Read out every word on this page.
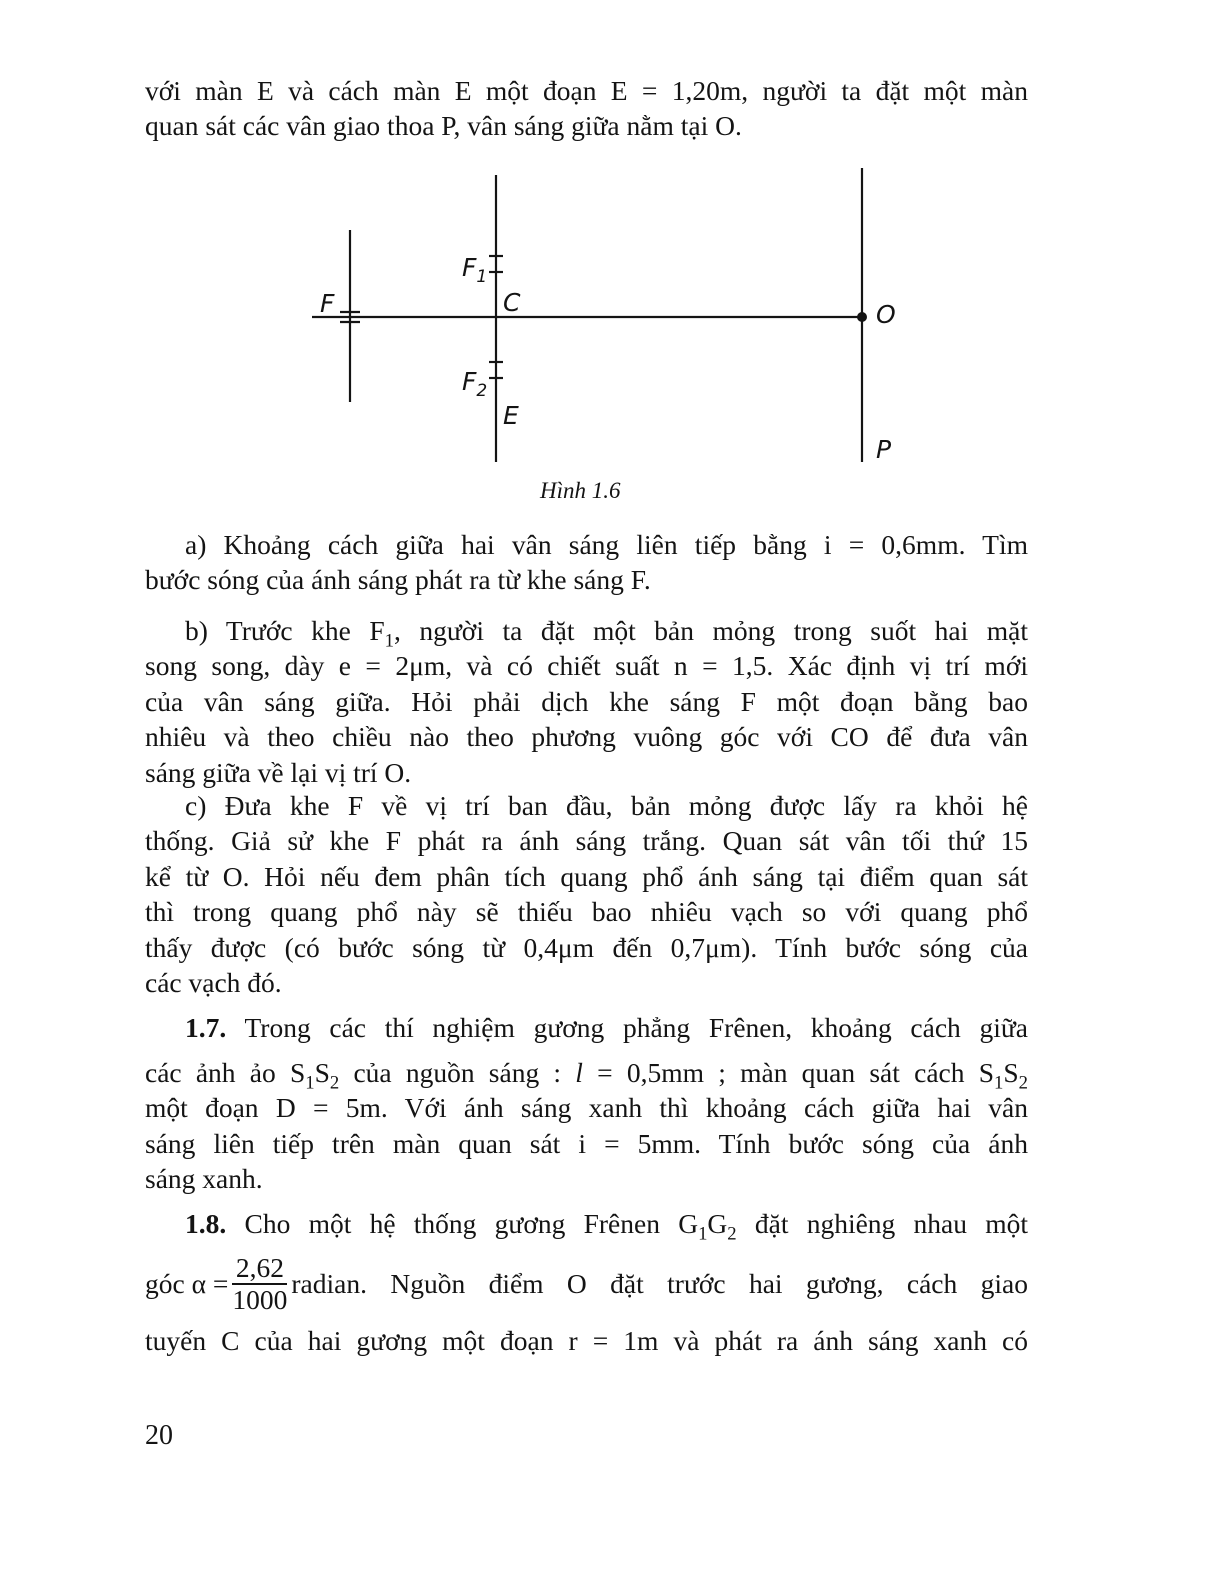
với màn E và cách màn E một đoạn E = 1,20m, người ta đặt một màn
quan sát các vân giao thoa P, vân sáng giữa nằm tại O.
F
$F_1$
C	O
$F_2$
E
P
Hình 1.6
a) Khoảng cách giữa hai vân sáng liên tiếp bằng i = 0,6mm. Tìm
bước sóng của ánh sáng phát ra từ khe sáng F.
b) Trước khe $F_1$, người ta đặt một bản mỏng trong suốt hai mặt
song song, dày e = 2μm, và có chiết suất n = 1,5. Xác định vị trí mới
của vân sáng giữa. Hỏi phải dịch khe sáng F một đoạn bằng bao
nhiêu và theo chiều nào theo phương vuông góc với CO để đưa vân
sáng giữa về lại vị trí O.
c) Đưa khe F về vị trí ban đầu, bản mỏng được lấy ra khỏi hệ
thống. Giả sử khe F phát ra ánh sáng trắng. Quan sát vân tối thứ 15
kể từ O. Hỏi nếu đem phân tích quang phổ ánh sáng tại điểm quan sát
thì trong quang phổ này sẽ thiếu bao nhiêu vạch so với quang phổ
thấy được (có bước sóng từ 0,4μm đến 0,7μm). Tính bước sóng của
các vạch đó.
1.7. Trong các thí nghiệm gương phẳng Frênen, khoảng cách giữa
các ảnh ảo $S_1S_2$ của nguồn sáng : l = 0,5mm ; màn quan sát cách $S_1S_2$
một đoạn D = 5m. Với ánh sáng xanh thì khoảng cách giữa hai vân
sáng liên tiếp trên màn quan sát i = 5mm. Tính bước sóng của ánh
sáng xanh.
1.8. Cho một hệ thống gương Frênen $G_1G_2$ đặt nghiêng nhau một
góc $\alpha = \frac{2,62}{1000}$ radian. Nguồn điểm O đặt trước hai gương, cách giao
tuyến C của hai gương một đoạn r = 1m và phát ra ánh sáng xanh có
20
